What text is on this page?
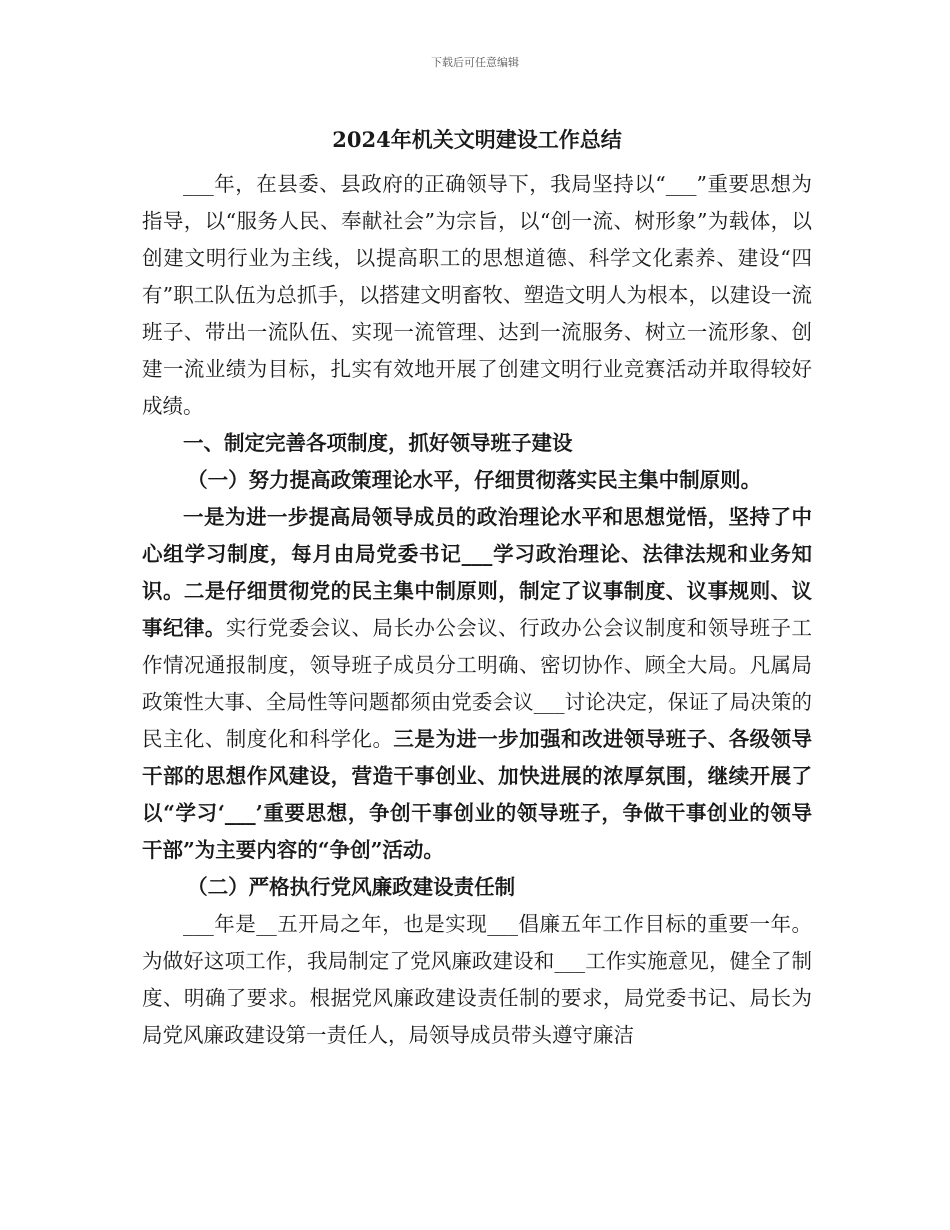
下载后可任意编辑
2024年机关文明建设工作总结

___年，在县委、县政府的正确领导下，我局坚持以“___”重要思想为指导，以“服务人民、奉献社会”为宗旨，以“创一流、树形象”为载体，以创建文明行业为主线，以提高职工的思想道德、科学文化素养、建设“四有”职工队伍为总抓手，以搭建文明畜牧、塑造文明人为根本，以建设一流班子、带出一流队伍、实现一流管理、达到一流服务、树立一流形象、创建一流业绩为目标，扎实有效地开展了创建文明行业竞赛活动并取得较好成绩。

一、制定完善各项制度，抓好领导班子建设

（一）努力提高政策理论水平，仔细贯彻落实民主集中制原则。

一是为进一步提高局领导成员的政治理论水平和思想觉悟，坚持了中心组学习制度，每月由局党委书记___学习政治理论、法律法规和业务知识。二是仔细贯彻党的民主集中制原则，制定了议事制度、议事规则、议事纪律。实行党委会议、局长办公会议、行政办公会议制度和领导班子工作情况通报制度，领导班子成员分工明确、密切协作、顾全大局。凡属局政策性大事、全局性等问题都须由党委会议___讨论决定，保证了局决策的民主化、制度化和科学化。三是为进一步加强和改进领导班子、各级领导干部的思想作风建设，营造干事创业、加快进展的浓厚氛围，继续开展了以“学习‘___’重要思想，争创干事创业的领导班子，争做干事创业的领导干部”为主要内容的“争创”活动。

（二）严格执行党风廉政建设责任制

___年是__五开局之年，也是实现___倡廉五年工作目标的重要一年。为做好这项工作，我局制定了党风廉政建设和___工作实施意见，健全了制度、明确了要求。根据党风廉政建设责任制的要求，局党委书记、局长为局党风廉政建设第一责任人，局领导成员带头遵守廉洁
